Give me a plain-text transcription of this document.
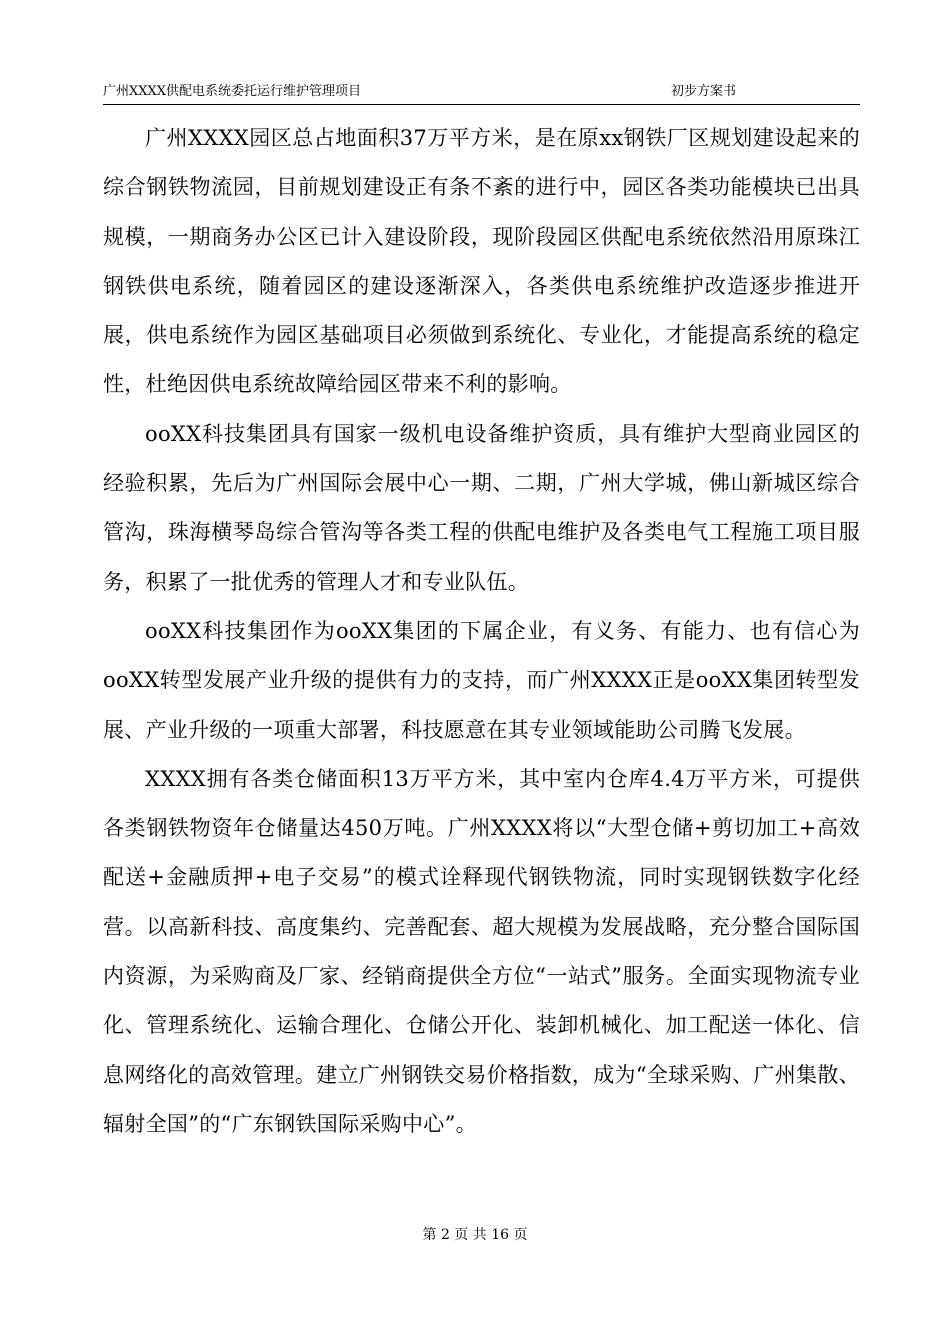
广州XXXX供配电系统委托运行维护管理项目	初步方案书

广州XXXX园区总占地面积37万平方米，是在原xx钢铁厂区规划建设起来的综合钢铁物流园，目前规划建设正有条不紊的进行中，园区各类功能模块已出具规模，一期商务办公区已计入建设阶段，现阶段园区供配电系统依然沿用原珠江钢铁供电系统，随着园区的建设逐渐深入，各类供电系统维护改造逐步推进开展，供电系统作为园区基础项目必须做到系统化、专业化，才能提高系统的稳定性，杜绝因供电系统故障给园区带来不利的影响。

ooXX科技集团具有国家一级机电设备维护资质，具有维护大型商业园区的经验积累，先后为广州国际会展中心一期、二期，广州大学城，佛山新城区综合管沟，珠海横琴岛综合管沟等各类工程的供配电维护及各类电气工程施工项目服务，积累了一批优秀的管理人才和专业队伍。

ooXX科技集团作为ooXX集团的下属企业，有义务、有能力、也有信心为ooXX转型发展产业升级的提供有力的支持，而广州XXXX正是ooXX集团转型发展、产业升级的一项重大部署，科技愿意在其专业领域能助公司腾飞发展。

XXXX拥有各类仓储面积13万平方米，其中室内仓库4.4万平方米，可提供各类钢铁物资年仓储量达450万吨。广州XXXX将以“大型仓储+剪切加工+高效配送+金融质押+电子交易”的模式诠释现代钢铁物流，同时实现钢铁数字化经营。以高新科技、高度集约、完善配套、超大规模为发展战略，充分整合国际国内资源，为采购商及厂家、经销商提供全方位“一站式”服务。全面实现物流专业化、管理系统化、运输合理化、仓储公开化、装卸机械化、加工配送一体化、信息网络化的高效管理。建立广州钢铁交易价格指数，成为“全球采购、广州集散、辐射全国”的“广东钢铁国际采购中心”。

第 2 页 共 16 页
